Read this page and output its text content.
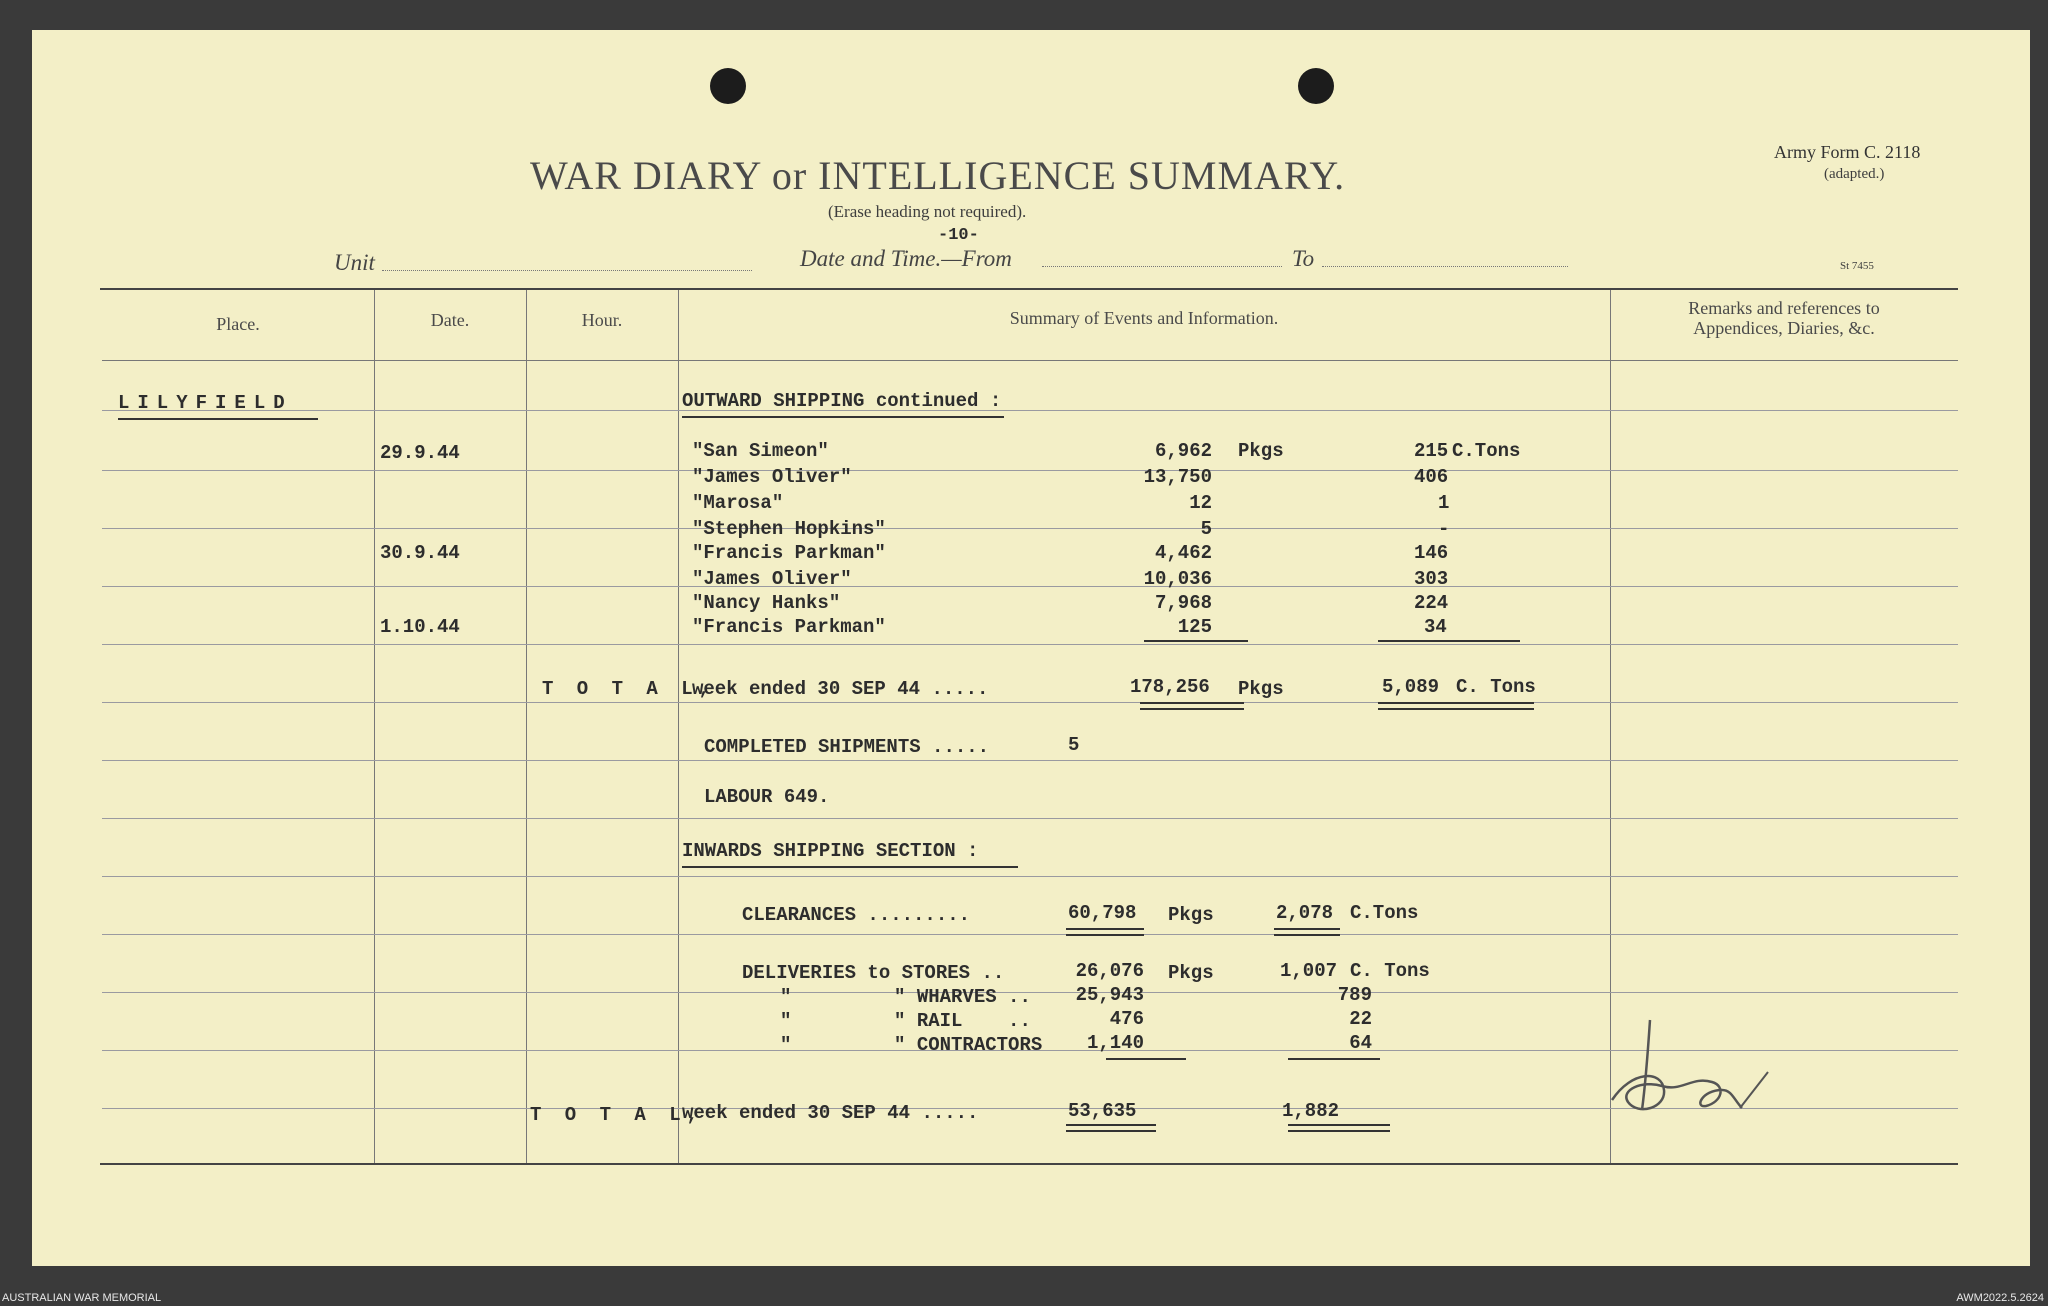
WAR DIARY or INTELLIGENCE SUMMARY.
(Erase heading not required).
-10-
Army Form C. 2118
(adapted.)
St 7455
Unit	Date and Time.—From	To
Place.	Date.	Hour.	Summary of Events and Information.	Remarks and references to
Appendices, Diaries, &c.
LILYFIELD	OUTWARD SHIPPING continued :
29.9.44	"San Simeon"	6,962 Pkgs	215 C.Tons
"James Oliver"	13,750	406
"Marosa"	12	1
"Stephen Hopkins"	5	-
30.9.44	"Francis Parkman"	4,462	146
"James Oliver"	10,036	303
"Nancy Hanks"	7,968	224
1.10.44	"Francis Parkman"	125	34
T O T A L,
week ended 30 SEP 44 .....	178,256 Pkgs	5,089 C. Tons
COMPLETED SHIPMENTS .....	5
LABOUR 649.
INWARDS SHIPPING SECTION :
CLEARANCES .........	60,798 Pkgs	2,078 C.Tons
DELIVERIES to STORES ..	26,076 Pkgs	1,007 C. Tons
"         " WHARVES ..	25,943	789
"         " RAIL    ..	476	22
"         " CONTRACTORS	1,140	64
T O T A L,
week ended 30 SEP 44 .....	53,635	1,882
AUSTRALIAN WAR MEMORIAL	AWM2022.5.2624
